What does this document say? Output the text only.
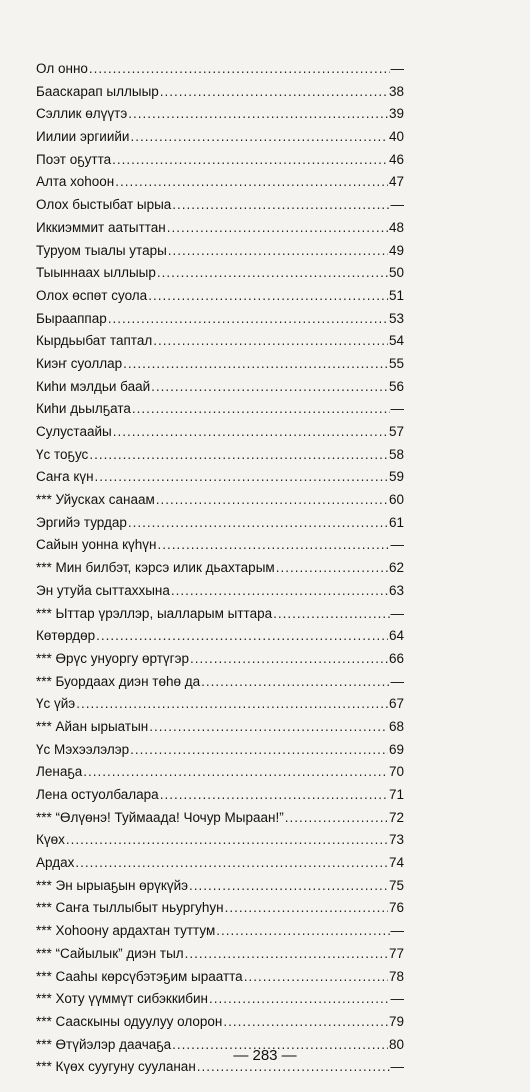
Ол онно .....	—
Бааскарап ыллыыр .....	38
Сэллик өлүүтэ .....	39
Иилии эргиийи .....	40
Поэт оҕутта .....	46
Алта хоһоон .....	47
Олох быстыбат ырыа .....	—
Иккиэммит аатыттан .....	48
Туруом тыалы утары .....	49
Тыыннаах ыллыыр .....	50
Олох өспөт суола .....	51
Бырааппар .....	53
Кырдьыбат таптал .....	54
Киэҥ суоллар .....	55
Киһи мэлдьи баай .....	56
Киһи дьылҕата .....	—
Сулустаайы .....	57
Үс тоҕус .....	58
Саҥа күн .....	59
*** Уйускаx санаам .....	60
Эргийэ турдар .....	61
Сайын уонна күһүн .....	—
*** Мин билбэт, кэрсэ илик дьахтарым .....	62
Эн утуйа сыттаххына .....	63
*** Ыттар үрэллэр, ыалларым ыттара .....	—
Көтөрдөр .....	64
*** Өрүс унуоргу өртүгэр .....	66
*** Буордаах диэн төһө да .....	—
Үс үйэ .....	67
*** Айан ырыатын .....	68
Үс Мэхээлэлэр .....	69
Ленаҕа .....	70
Лена остуолбалара .....	71
*** “Өлүөнэ! Туймаада! Чочур Мыраан!” .....	72
Күөх .....	73
Ардах .....	74
*** Эн ырыаҕын өрүкүйэ .....	75
*** Саҥа тыллыбыт ньургуһун .....	76
*** Хоһоону ардахтан туттум .....	—
*** “Сайылык” диэн тыл .....	77
*** Сааһы көрсүбэтэҕим ырaатта .....	78
*** Хоту үүммүт сибэккибин .....	—
*** Сааскыны одуулуу олорон .....	79
*** Өтүйэлэр даачаҕа .....	80
*** Күөх суугуну сууланан .....	—
— 283 —
